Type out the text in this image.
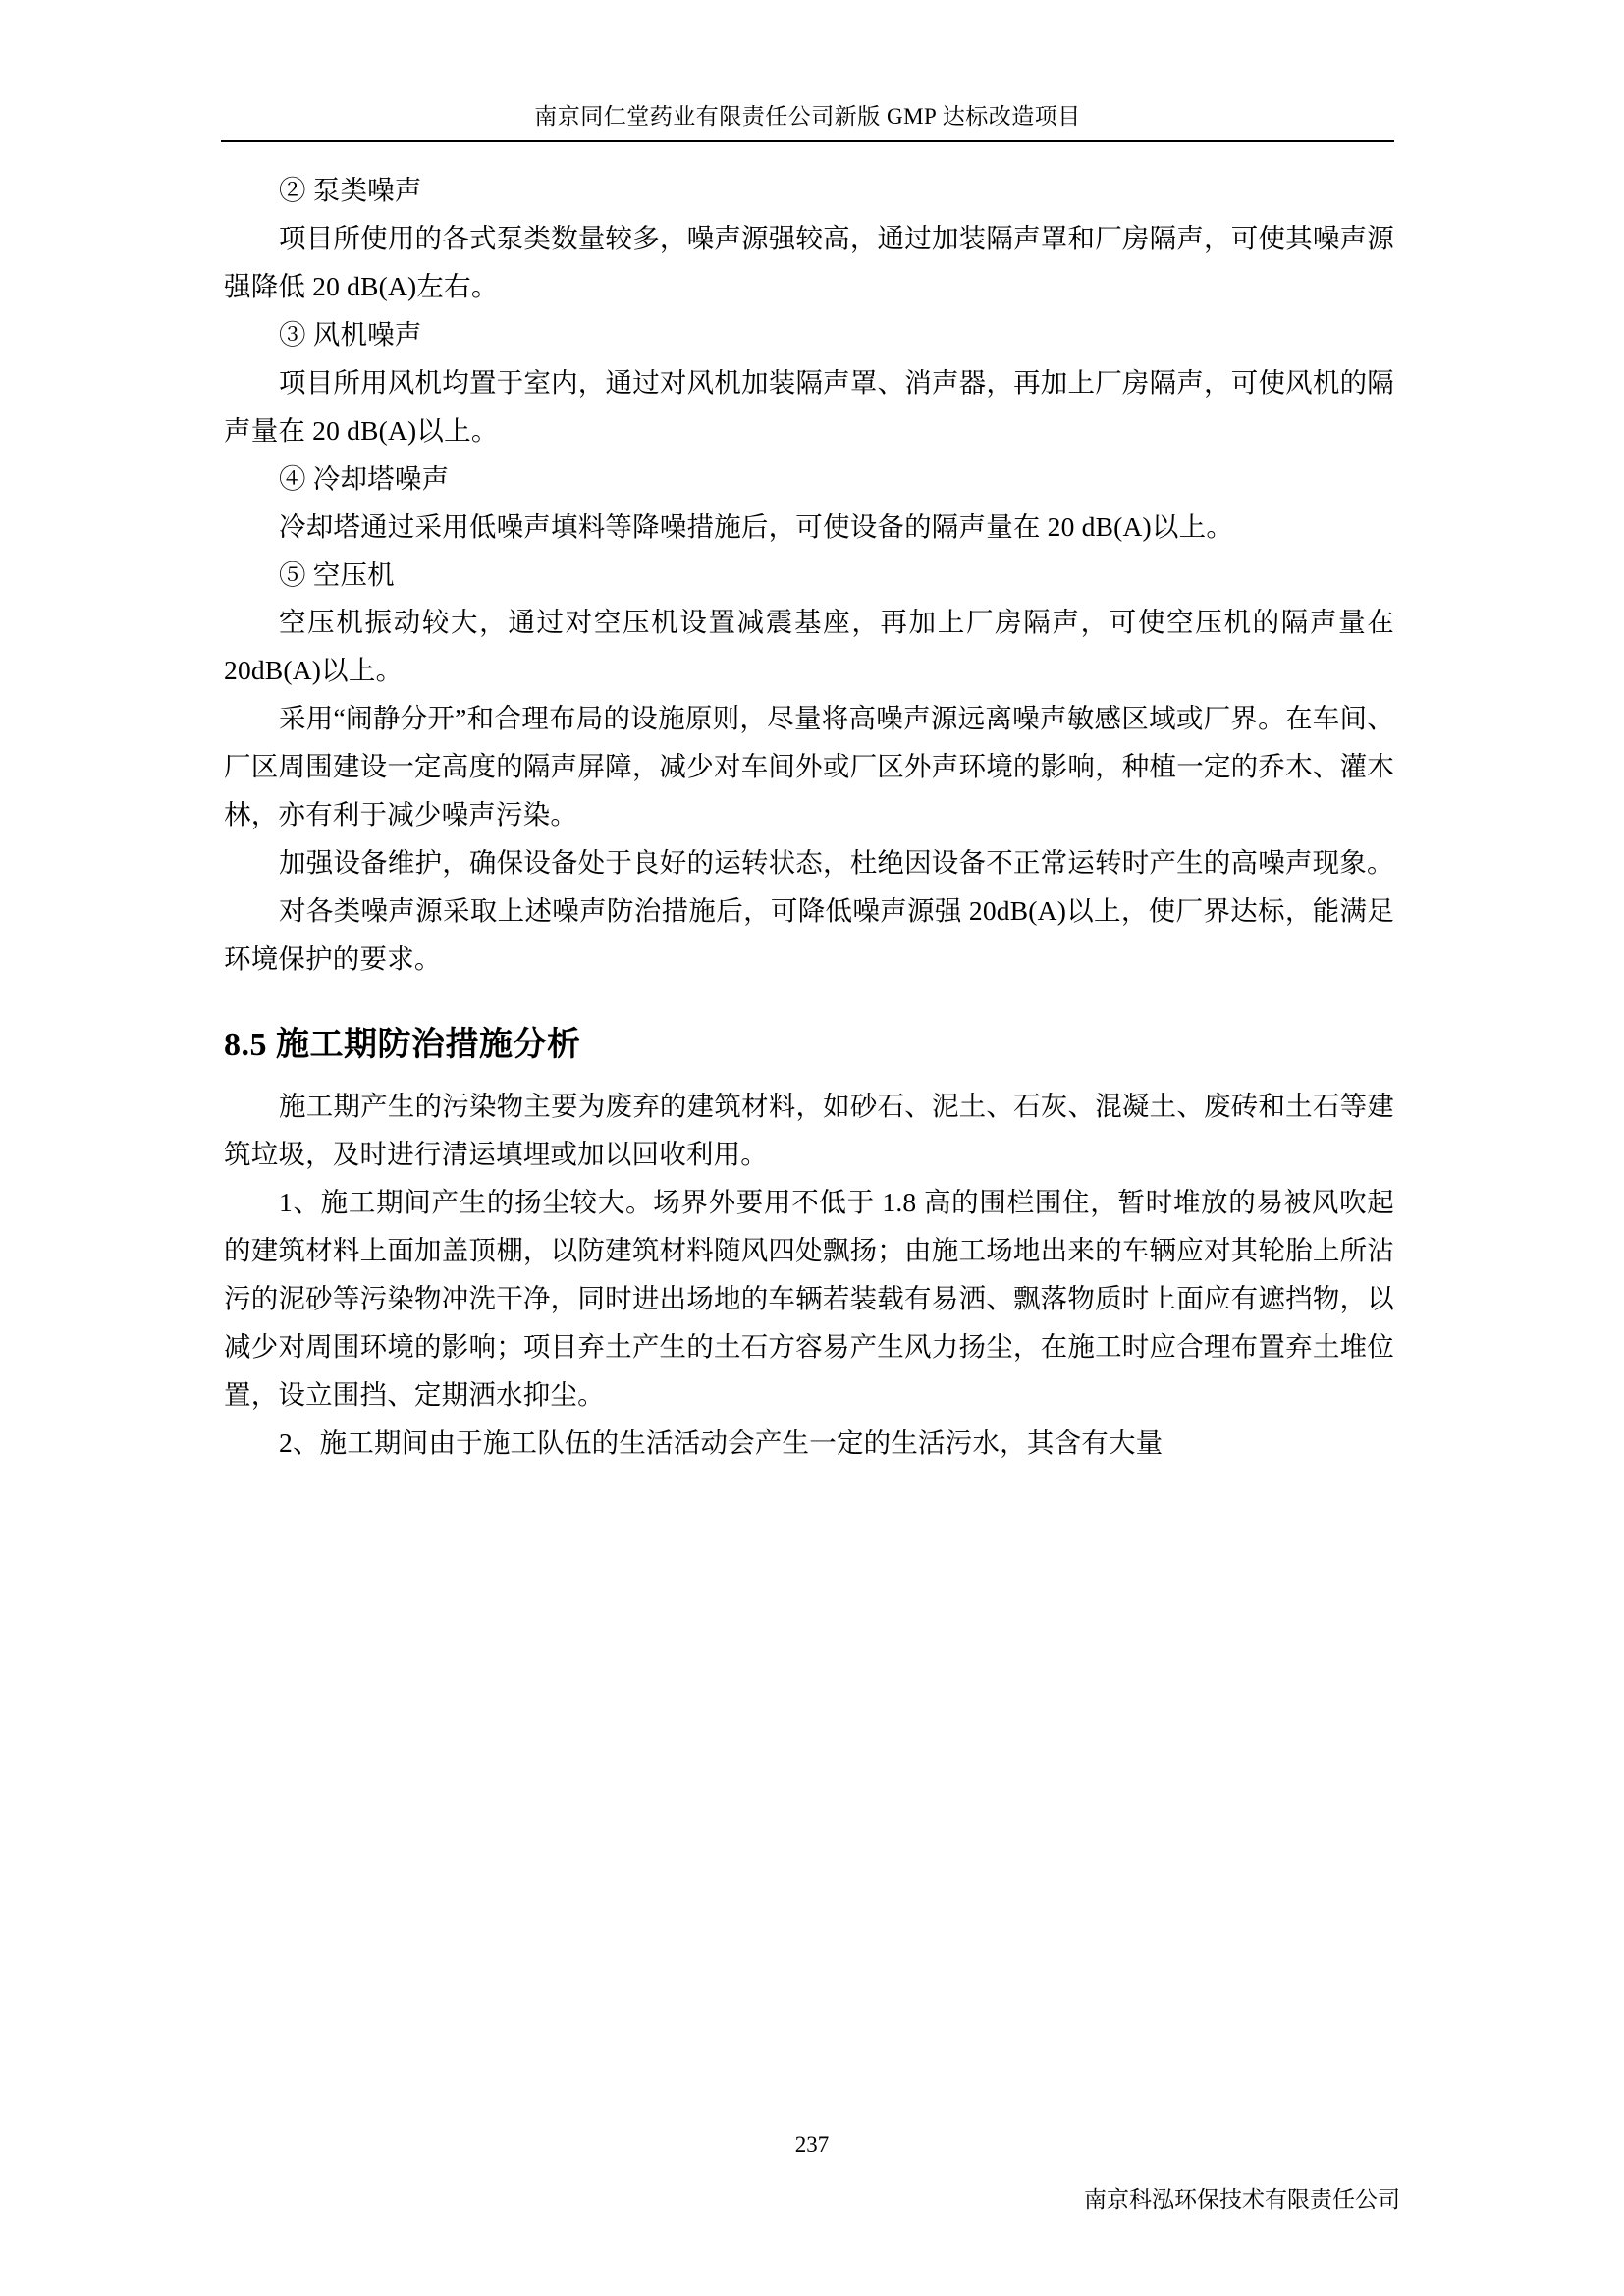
南京同仁堂药业有限责任公司新版 GMP 达标改造项目

② 泵类噪声

项目所使用的各式泵类数量较多，噪声源强较高，通过加装隔声罩和厂房隔声，可使其噪声源强降低 20 dB(A)左右。

③ 风机噪声

项目所用风机均置于室内，通过对风机加装隔声罩、消声器，再加上厂房隔声，可使风机的隔声量在 20 dB(A)以上。

④ 冷却塔噪声

冷却塔通过采用低噪声填料等降噪措施后，可使设备的隔声量在 20 dB(A)以上。

⑤ 空压机

空压机振动较大，通过对空压机设置减震基座，再加上厂房隔声，可使空压机的隔声量在 20dB(A)以上。

采用“闹静分开”和合理布局的设施原则，尽量将高噪声源远离噪声敏感区域或厂界。在车间、厂区周围建设一定高度的隔声屏障，减少对车间外或厂区外声环境的影响，种植一定的乔木、灌木林，亦有利于减少噪声污染。

加强设备维护，确保设备处于良好的运转状态，杜绝因设备不正常运转时产生的高噪声现象。

对各类噪声源采取上述噪声防治措施后，可降低噪声源强 20dB(A)以上，使厂界达标，能满足环境保护的要求。

8.5 施工期防治措施分析

施工期产生的污染物主要为废弃的建筑材料，如砂石、泥土、石灰、混凝土、废砖和土石等建筑垃圾，及时进行清运填埋或加以回收利用。

1、施工期间产生的扬尘较大。场界外要用不低于 1.8 高的围栏围住，暂时堆放的易被风吹起的建筑材料上面加盖顶棚，以防建筑材料随风四处飘扬；由施工场地出来的车辆应对其轮胎上所沾污的泥砂等污染物冲洗干净，同时进出场地的车辆若装载有易洒、飘落物质时上面应有遮挡物，以减少对周围环境的影响；项目弃土产生的土石方容易产生风力扬尘，在施工时应合理布置弃土堆位置，设立围挡、定期洒水抑尘。

2、施工期间由于施工队伍的生活活动会产生一定的生活污水，其含有大量

237
南京科泓环保技术有限责任公司
